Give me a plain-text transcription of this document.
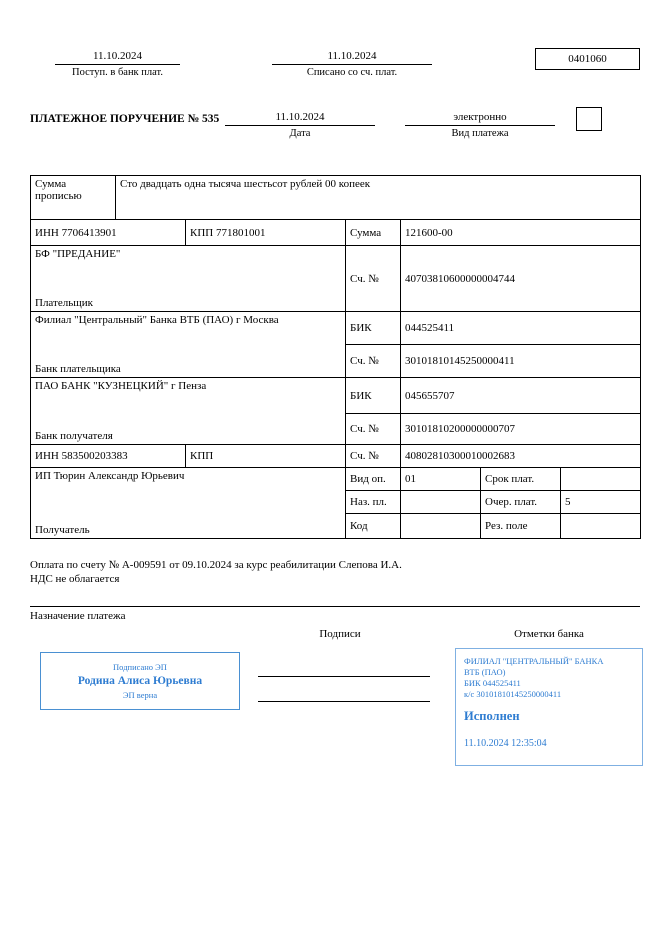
11.10.2024
Поступ. в банк плат.
11.10.2024
Списано со сч. плат.
0401060
ПЛАТЕЖНОЕ ПОРУЧЕНИЕ № 535	11.10.2024
Дата
электронно
Вид платежа
Сумма прописью	Сто двадцать одна тысяча шестьсот рублей 00 копеек					
ИНН 7706413901		КПП 771801001	Сумма	121600-00		

БФ "ПРЕДАНИЕ"
Плательщик			Сч. №	40703810600000004744		

Филиал "Центральный" Банка ВТБ (ПАО) г Москва
Банк плательщика			БИК	044525411		
			Сч. №	30101810145250000411		

ПАО БАНК "КУЗНЕЦКИЙ" г Пенза
Банк получателя			БИК	045655707		
			Сч. №	30101810200000000707		
ИНН 583500203383		КПП	Сч. №	40802810300010002683		

ИП Тюрин Александр Юрьевич
Получатель			Вид оп.	01	Срок плат.	
			Наз. пл.		Очер. плат.	5
			Код		Рез. поле	
Оплата по счету № А-009591 от 09.10.2024 за курс реабилитации Слепова И.А.
НДС не облагается
Назначение платежа
Подписи	Отметки банка
Подписано ЭП
Родина Алиса Юрьевна
ЭП верна
ФИЛИАЛ "ЦЕНТРАЛЬНЫЙ" БАНКА
ВТБ (ПАО)
БИК 044525411
к/с 30101810145250000411
Исполнен
11.10.2024 12:35:04
